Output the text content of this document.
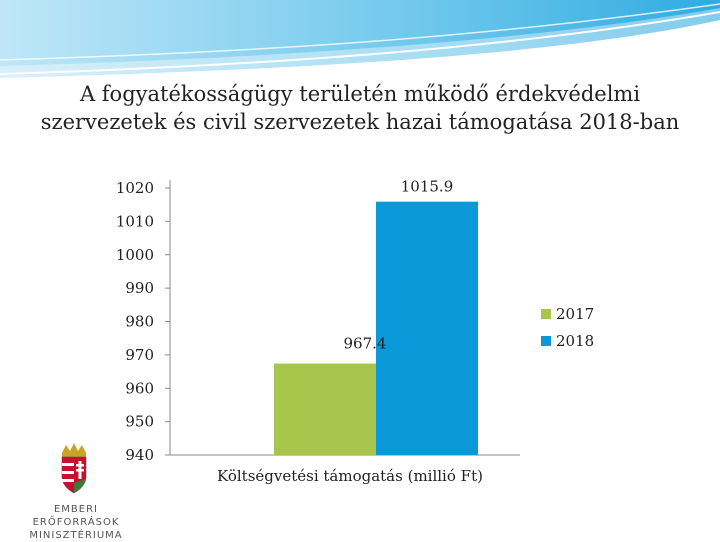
A fogyatékosságügy területén működő érdekvédelmi
szervezetek és civil szervezetek hazai támogatása 2018-ban
940
950
960
970
980
990
1000
1010
1020
967.4
1015.9
2017
2018
Költségvetési támogatás (millió Ft)
EMBERI ERŐFORRÁSOK
MINISZTÉRIUMA
